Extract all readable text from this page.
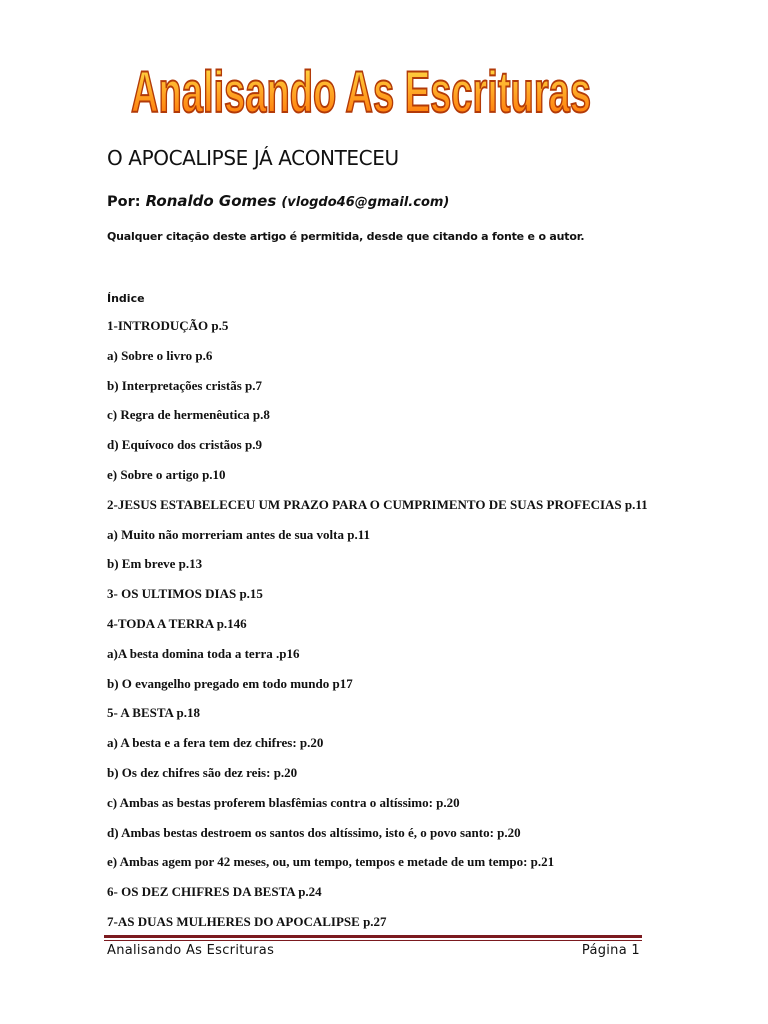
Analisando As Escrituras
O APOCALIPSE JÁ ACONTECEU
Por: Ronaldo Gomes (vlogdo46@gmail.com)
Qualquer citação deste artigo é permitida, desde que citando a fonte e o autor.
Índice
1-INTRODUÇÃO p.5
a) Sobre o livro p.6
b) Interpretações cristãs p.7
c) Regra de hermenêutica p.8
d) Equívoco dos cristãos p.9
e) Sobre o artigo p.10
2-JESUS ESTABELECEU UM PRAZO PARA O CUMPRIMENTO DE SUAS PROFECIAS p.11
a) Muito não morreriam antes de sua volta p.11
b) Em breve p.13
3- OS ULTIMOS DIAS p.15
4-TODA A TERRA p.146
a)A besta domina toda a terra .p16
b) O evangelho pregado em todo mundo p17
5- A BESTA p.18
a) A besta e a fera tem dez chifres: p.20
b) Os dez chifres são dez reis: p.20
c) Ambas as bestas proferem blasfêmias contra o altíssimo: p.20
d) Ambas bestas destroem os santos dos altíssimo, isto é, o povo santo: p.20
e) Ambas agem por 42 meses, ou, um tempo, tempos e metade de um tempo: p.21
6- OS DEZ CHIFRES DA BESTA p.24
7-AS DUAS MULHERES DO APOCALIPSE p.27
Analisando As Escrituras	Página 1
